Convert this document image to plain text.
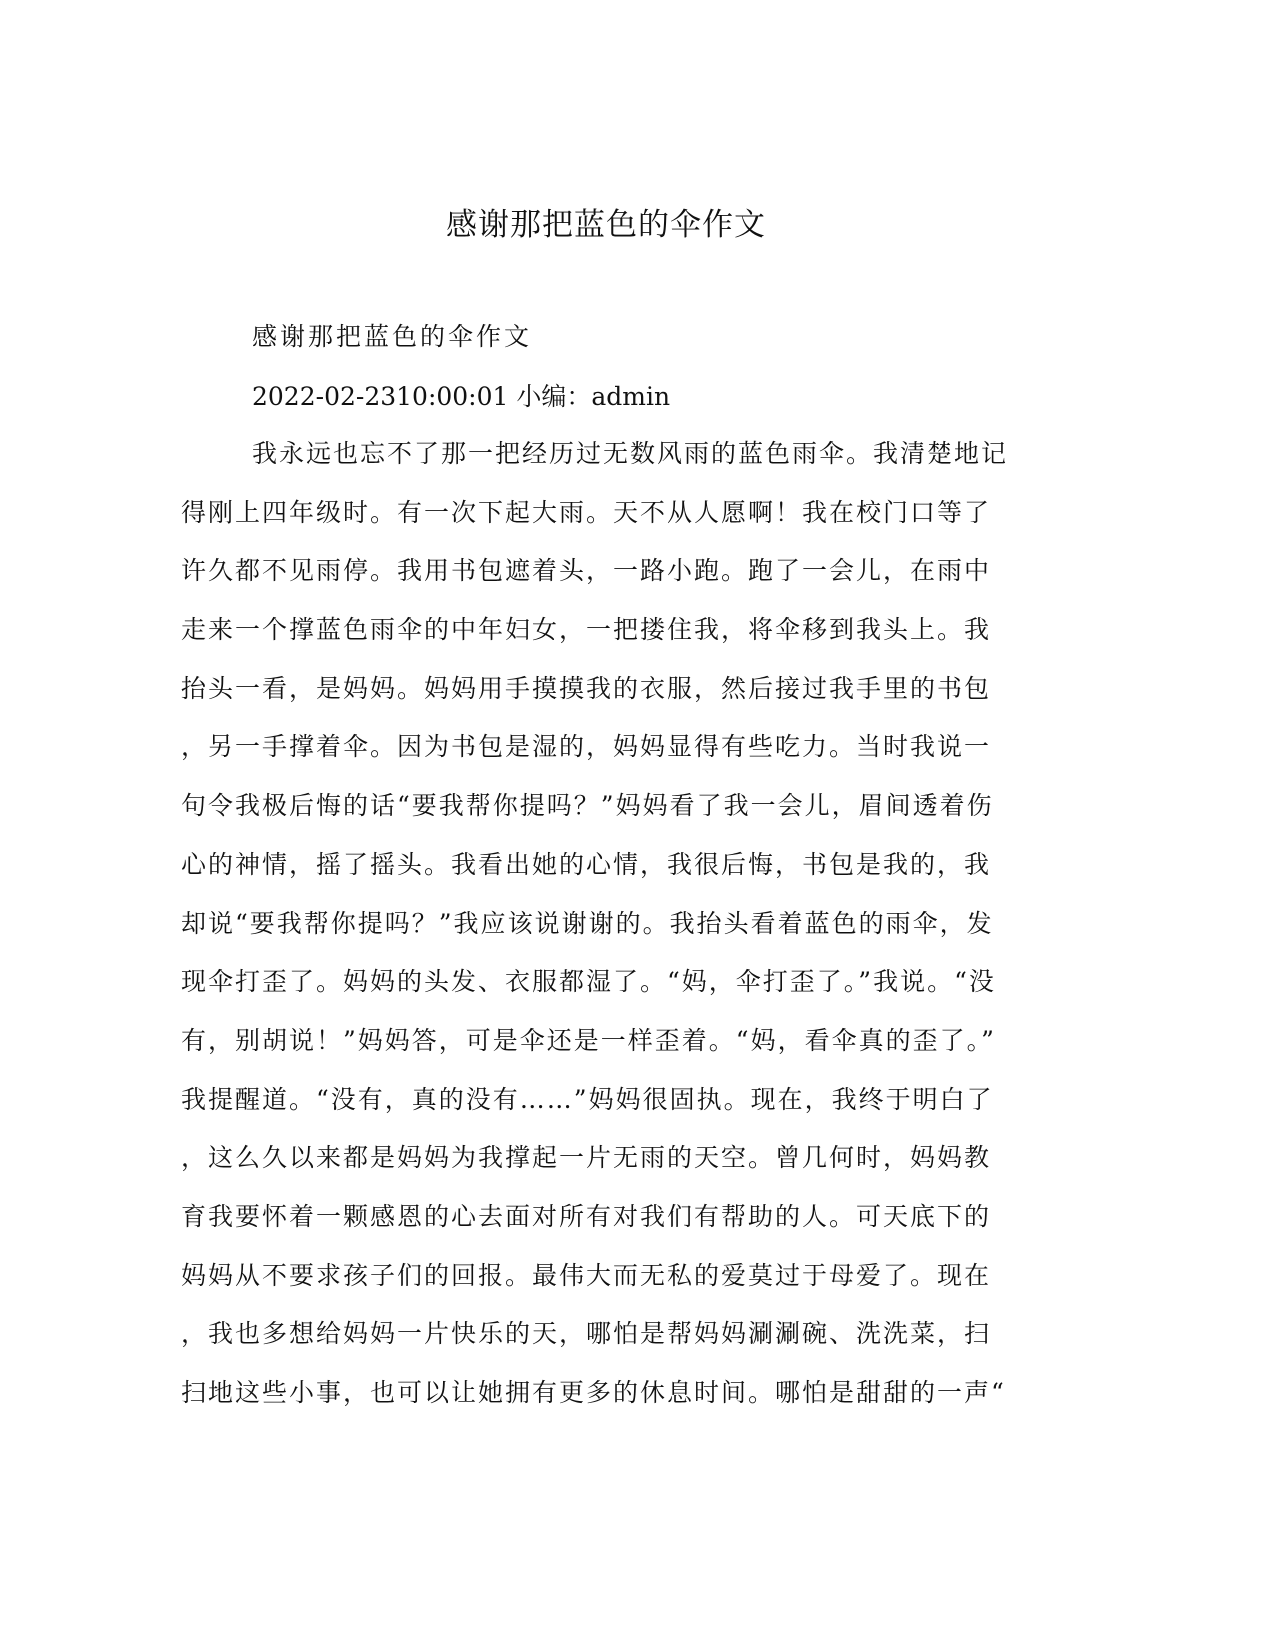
感谢那把蓝色的伞作文

感谢那把蓝色的伞作文

2022-02-2310:00:01 小编：admin

我永远也忘不了那一把经历过无数风雨的蓝色雨伞。我清楚地记
得刚上四年级时。有一次下起大雨。天不从人愿啊！我在校门口等了
许久都不见雨停。我用书包遮着头，一路小跑。跑了一会儿，在雨中
走来一个撑蓝色雨伞的中年妇女，一把搂住我，将伞移到我头上。我
抬头一看，是妈妈。妈妈用手摸摸我的衣服，然后接过我手里的书包
，另一手撑着伞。因为书包是湿的，妈妈显得有些吃力。当时我说一
句令我极后悔的话“要我帮你提吗？”妈妈看了我一会儿，眉间透着伤
心的神情，摇了摇头。我看出她的心情，我很后悔，书包是我的，我
却说“要我帮你提吗？”我应该说谢谢的。我抬头看着蓝色的雨伞，发
现伞打歪了。妈妈的头发、衣服都湿了。“妈，伞打歪了。”我说。“没
有，别胡说！”妈妈答，可是伞还是一样歪着。“妈，看伞真的歪了。”
我提醒道。“没有，真的没有……”妈妈很固执。现在，我终于明白了
，这么久以来都是妈妈为我撑起一片无雨的天空。曾几何时，妈妈教
育我要怀着一颗感恩的心去面对所有对我们有帮助的人。可天底下的
妈妈从不要求孩子们的回报。最伟大而无私的爱莫过于母爱了。现在
，我也多想给妈妈一片快乐的天，哪怕是帮妈妈涮涮碗、洗洗菜，扫
扫地这些小事，也可以让她拥有更多的休息时间。哪怕是甜甜的一声“
